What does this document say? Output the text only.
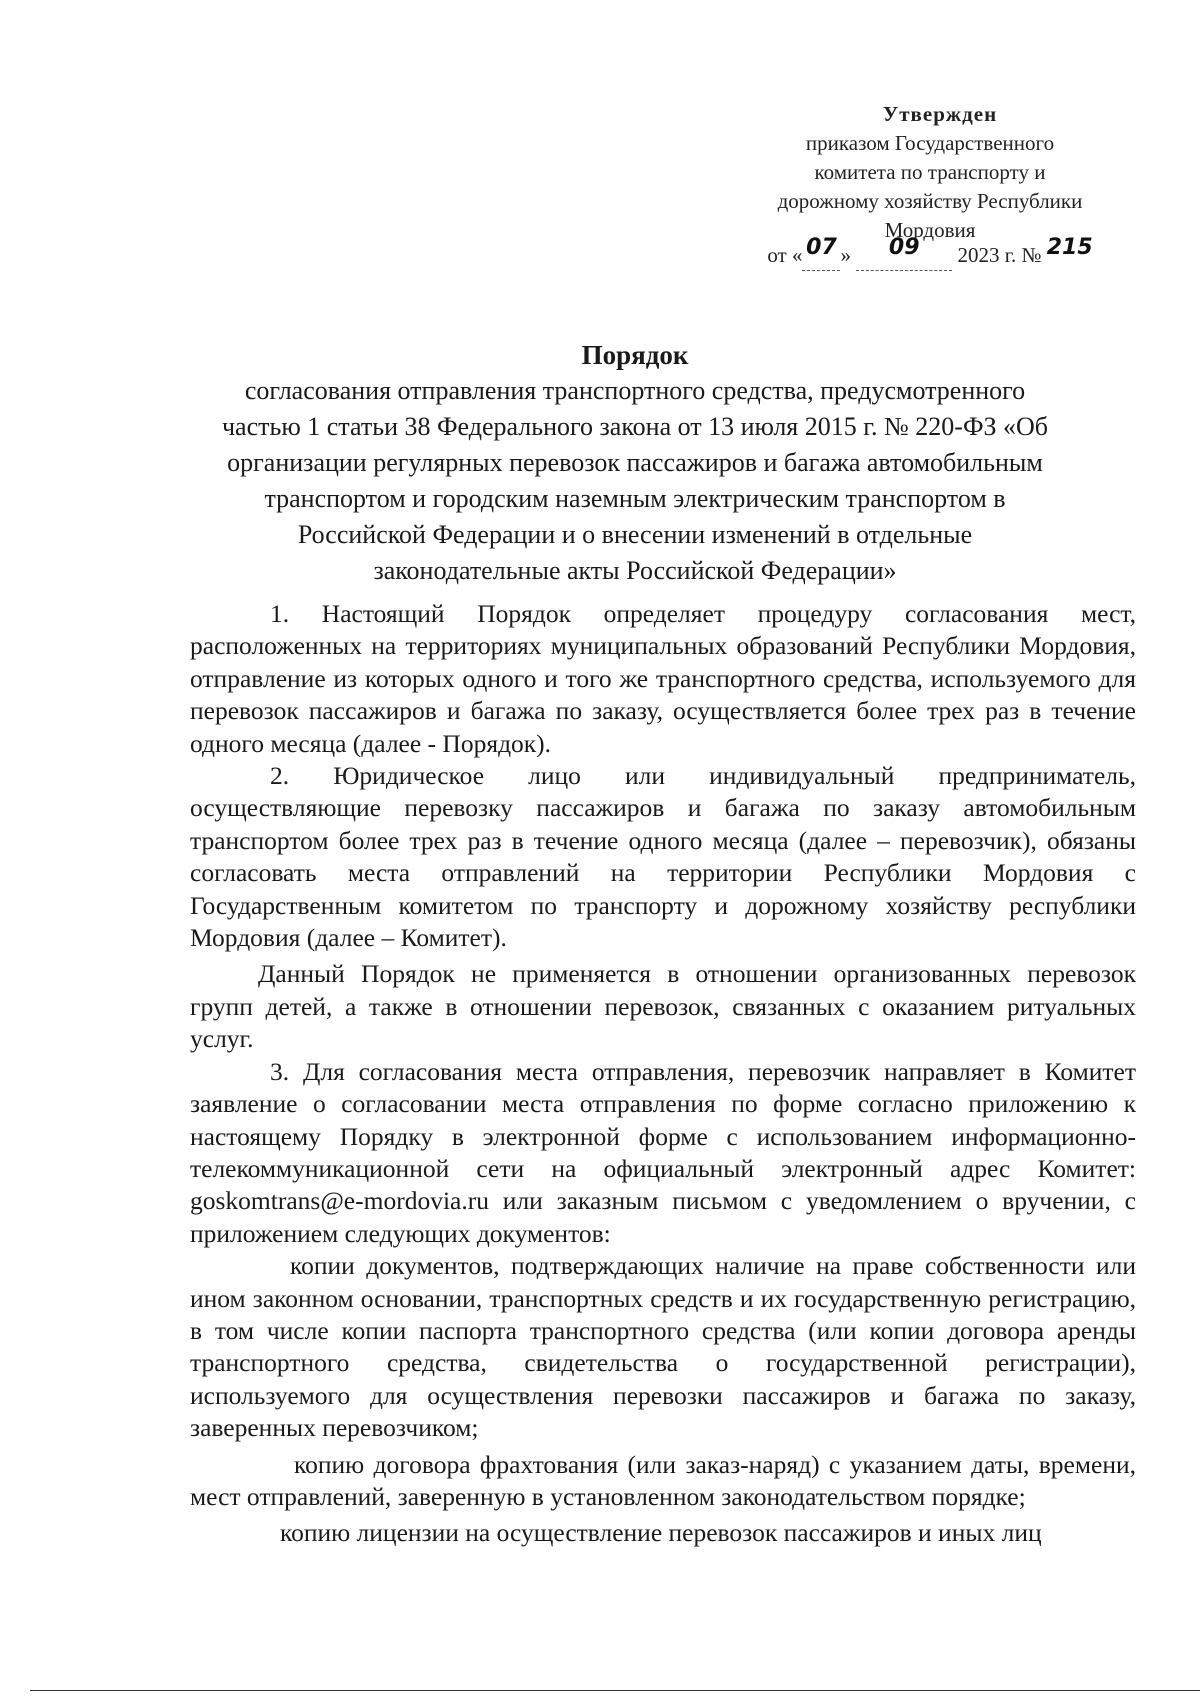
Утвержден
приказом Государственного
комитета по транспорту и
дорожному хозяйству Республики
Мордовия
от « 07 » 09 2023 г. № 215
Порядок
согласования отправления транспортного средства, предусмотренного
частью 1 статьи 38 Федерального закона от 13 июля 2015 г. № 220-ФЗ «Об
организации регулярных перевозок пассажиров и багажа автомобильным
транспортом и городским наземным электрическим транспортом в
Российской Федерации и о внесении изменений в отдельные
законодательные акты Российской Федерации»

1. Настоящий Порядок определяет процедуру согласования мест, расположенных на территориях муниципальных образований Республики Мордовия, отправление из которых одного и того же транспортного средства, используемого для перевозок пассажиров и багажа по заказу, осуществляется более трех раз в течение одного месяца (далее - Порядок).

2. Юридическое лицо или индивидуальный предприниматель, осуществляющие перевозку пассажиров и багажа по заказу автомобильным транспортом более трех раз в течение одного месяца (далее – перевозчик), обязаны согласовать места отправлений на территории Республики Мордовия с Государственным комитетом по транспорту и дорожному хозяйству республики Мордовия (далее – Комитет).

Данный Порядок не применяется в отношении организованных перевозок групп детей, а также в отношении перевозок, связанных с оказанием ритуальных услуг.

3. Для согласования места отправления, перевозчик направляет в Комитет заявление о согласовании места отправления по форме согласно приложению к настоящему Порядку в электронной форме с использованием информационно-телекоммуникационной сети на официальный электронный адрес Комитет: goskomtrans@e-mordovia.ru или заказным письмом с уведомлением о вручении, с приложением следующих документов:

копии документов, подтверждающих наличие на праве собственности или ином законном основании, транспортных средств и их государственную регистрацию, в том числе копии паспорта транспортного средства (или копии договора аренды транспортного средства, свидетельства о государственной регистрации), используемого для осуществления перевозки пассажиров и багажа по заказу, заверенных перевозчиком;

копию договора фрахтования (или заказ-наряд) с указанием даты, времени, мест отправлений, заверенную в установленном законодательством порядке;

копию лицензии на осуществление перевозок пассажиров и иных лиц
